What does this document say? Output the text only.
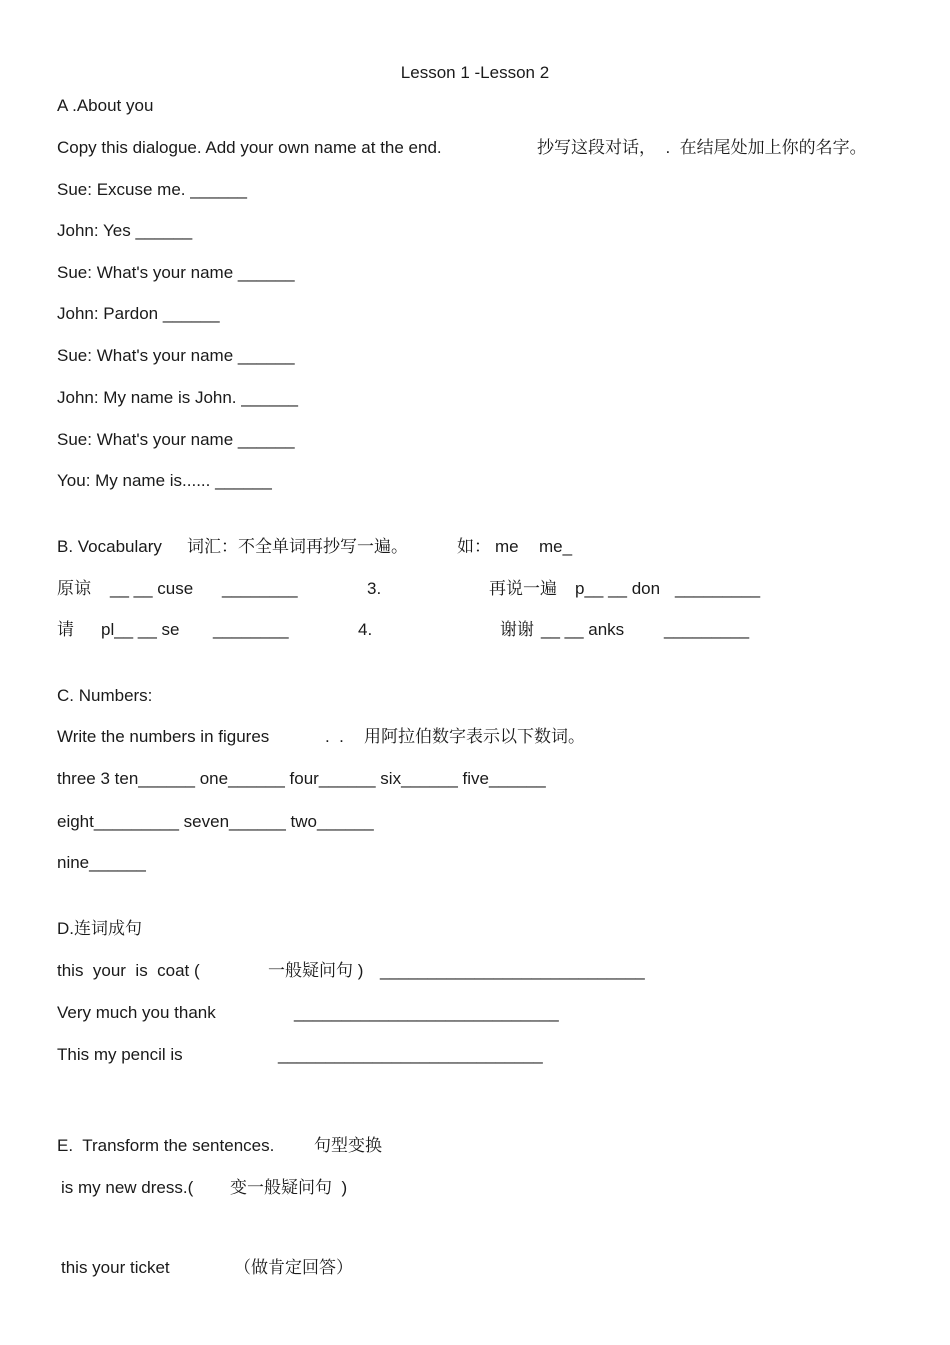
Lesson 1 -Lesson 2
A .About you
Copy this dialogue. Add your own name at the end.	抄写这段对话，  .  在结尾处加上你的名字。
Sue: Excuse me. ______
John: Yes ______
Sue: What's your name ______
John: Pardon ______
Sue: What's your name ______
John: My name is John. ______
Sue: What's your name ______
You: My name is...... ______
B. Vocabulary 词汇：不全单词再抄写一遍。	如： me me_
原谅 __ __ cuse ________	3.	再说一遍 p__ __ don _________
请 pl__ __ se ________	4.	谢谢 __ __ anks _________
C. Numbers:
Write the numbers in figures	.  . 用阿拉伯数字表示以下数词。
three 3 ten______ one______ four______ six______ five______
eight_________ seven______ two______
nine______
D.连词成句
this  your  is  coat (	一般疑问句 ) ____________________________
Very much you thank	____________________________
This my pencil is	____________________________
E.  Transform the sentences. 句型变换
is my new dress.( 变一般疑问句  )
this your ticket	（做肯定回答）
